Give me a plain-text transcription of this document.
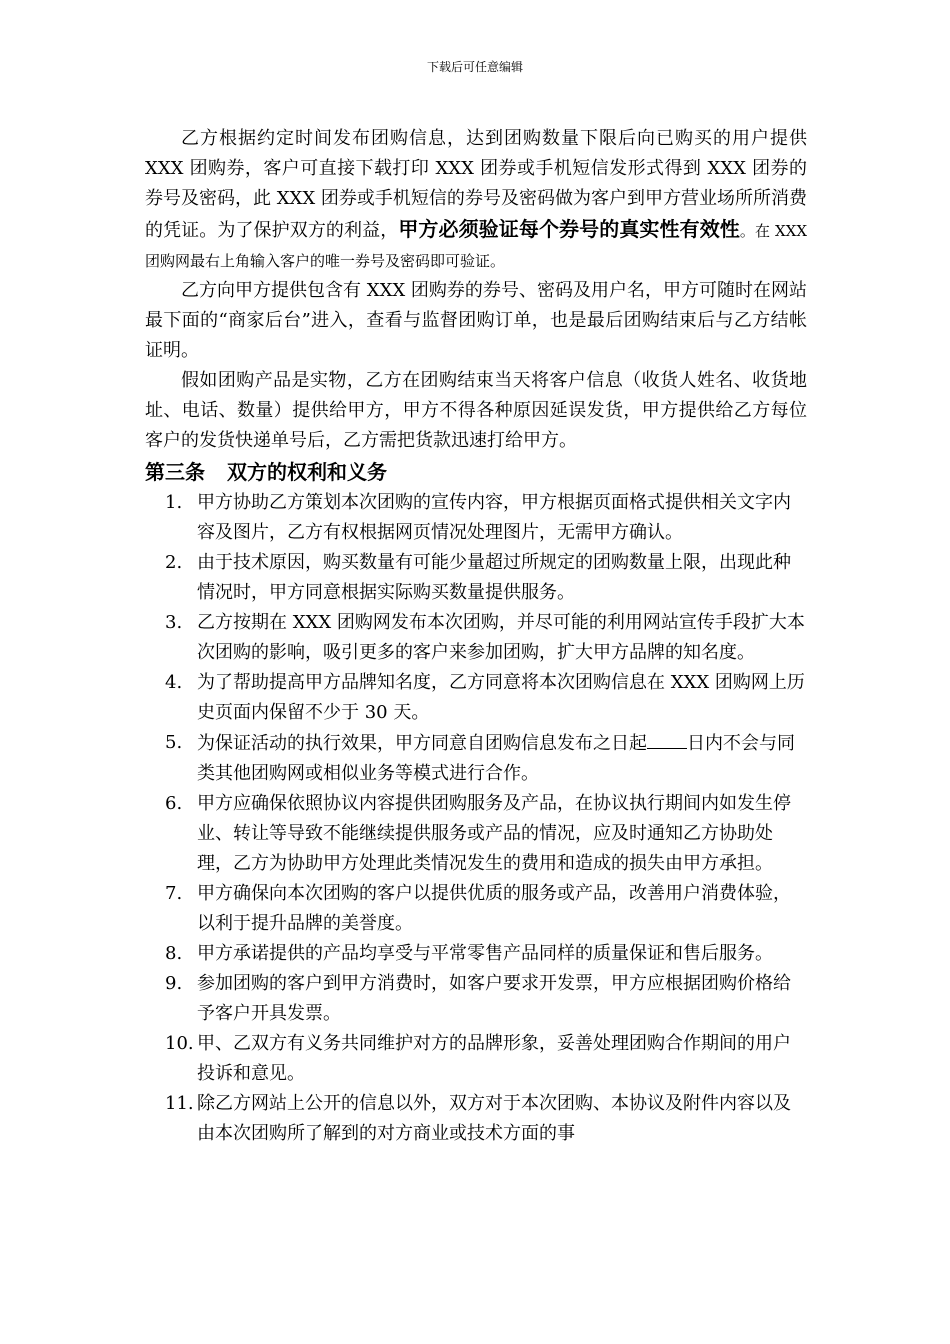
下载后可任意编辑

乙方根据约定时间发布团购信息，达到团购数量下限后向已购买的用户提供 XXX 团购券，客户可直接下载打印 XXX 团券或手机短信发形式得到 XXX 团券的券号及密码，此 XXX 团券或手机短信的券号及密码做为客户到甲方营业场所所消费的凭证。为了保护双方的利益，甲方必须验证每个券号的真实性有效性。在 XXX 团购网最右上角输入客户的唯一券号及密码即可验证。

乙方向甲方提供包含有 XXX 团购券的券号、密码及用户名，甲方可随时在网站最下面的“商家后台”进入，查看与监督团购订单，也是最后团购结束后与乙方结帐证明。

假如团购产品是实物，乙方在团购结束当天将客户信息（收货人姓名、收货地址、电话、数量）提供给甲方，甲方不得各种原因延误发货，甲方提供给乙方每位客户的发货快递单号后，乙方需把货款迅速打给甲方。

第三条 双方的权利和义务
1. 甲方协助乙方策划本次团购的宣传内容，甲方根据页面格式提供相关文字内容及图片，乙方有权根据网页情况处理图片，无需甲方确认。
2. 由于技术原因，购买数量有可能少量超过所规定的团购数量上限，出现此种情况时，甲方同意根据实际购买数量提供服务。
3. 乙方按期在 XXX 团购网发布本次团购，并尽可能的利用网站宣传手段扩大本次团购的影响，吸引更多的客户来参加团购，扩大甲方品牌的知名度。
4. 为了帮助提高甲方品牌知名度，乙方同意将本次团购信息在 XXX 团购网上历史页面内保留不少于 30 天。
5. 为保证活动的执行效果，甲方同意自团购信息发布之日起 日内不会与同类其他团购网或相似业务等模式进行合作。
6. 甲方应确保依照协议内容提供团购服务及产品，在协议执行期间内如发生停业、转让等导致不能继续提供服务或产品的情况，应及时通知乙方协助处理，乙方为协助甲方处理此类情况发生的费用和造成的损失由甲方承担。
7. 甲方确保向本次团购的客户以提供优质的服务或产品，改善用户消费体验，以利于提升品牌的美誉度。
8. 甲方承诺提供的产品均享受与平常零售产品同样的质量保证和售后服务。
9. 参加团购的客户到甲方消费时，如客户要求开发票，甲方应根据团购价格给予客户开具发票。
10. 甲、乙双方有义务共同维护对方的品牌形象，妥善处理团购合作期间的用户投诉和意见。
11. 除乙方网站上公开的信息以外，双方对于本次团购、本协议及附件内容以及由本次团购所了解到的对方商业或技术方面的事
